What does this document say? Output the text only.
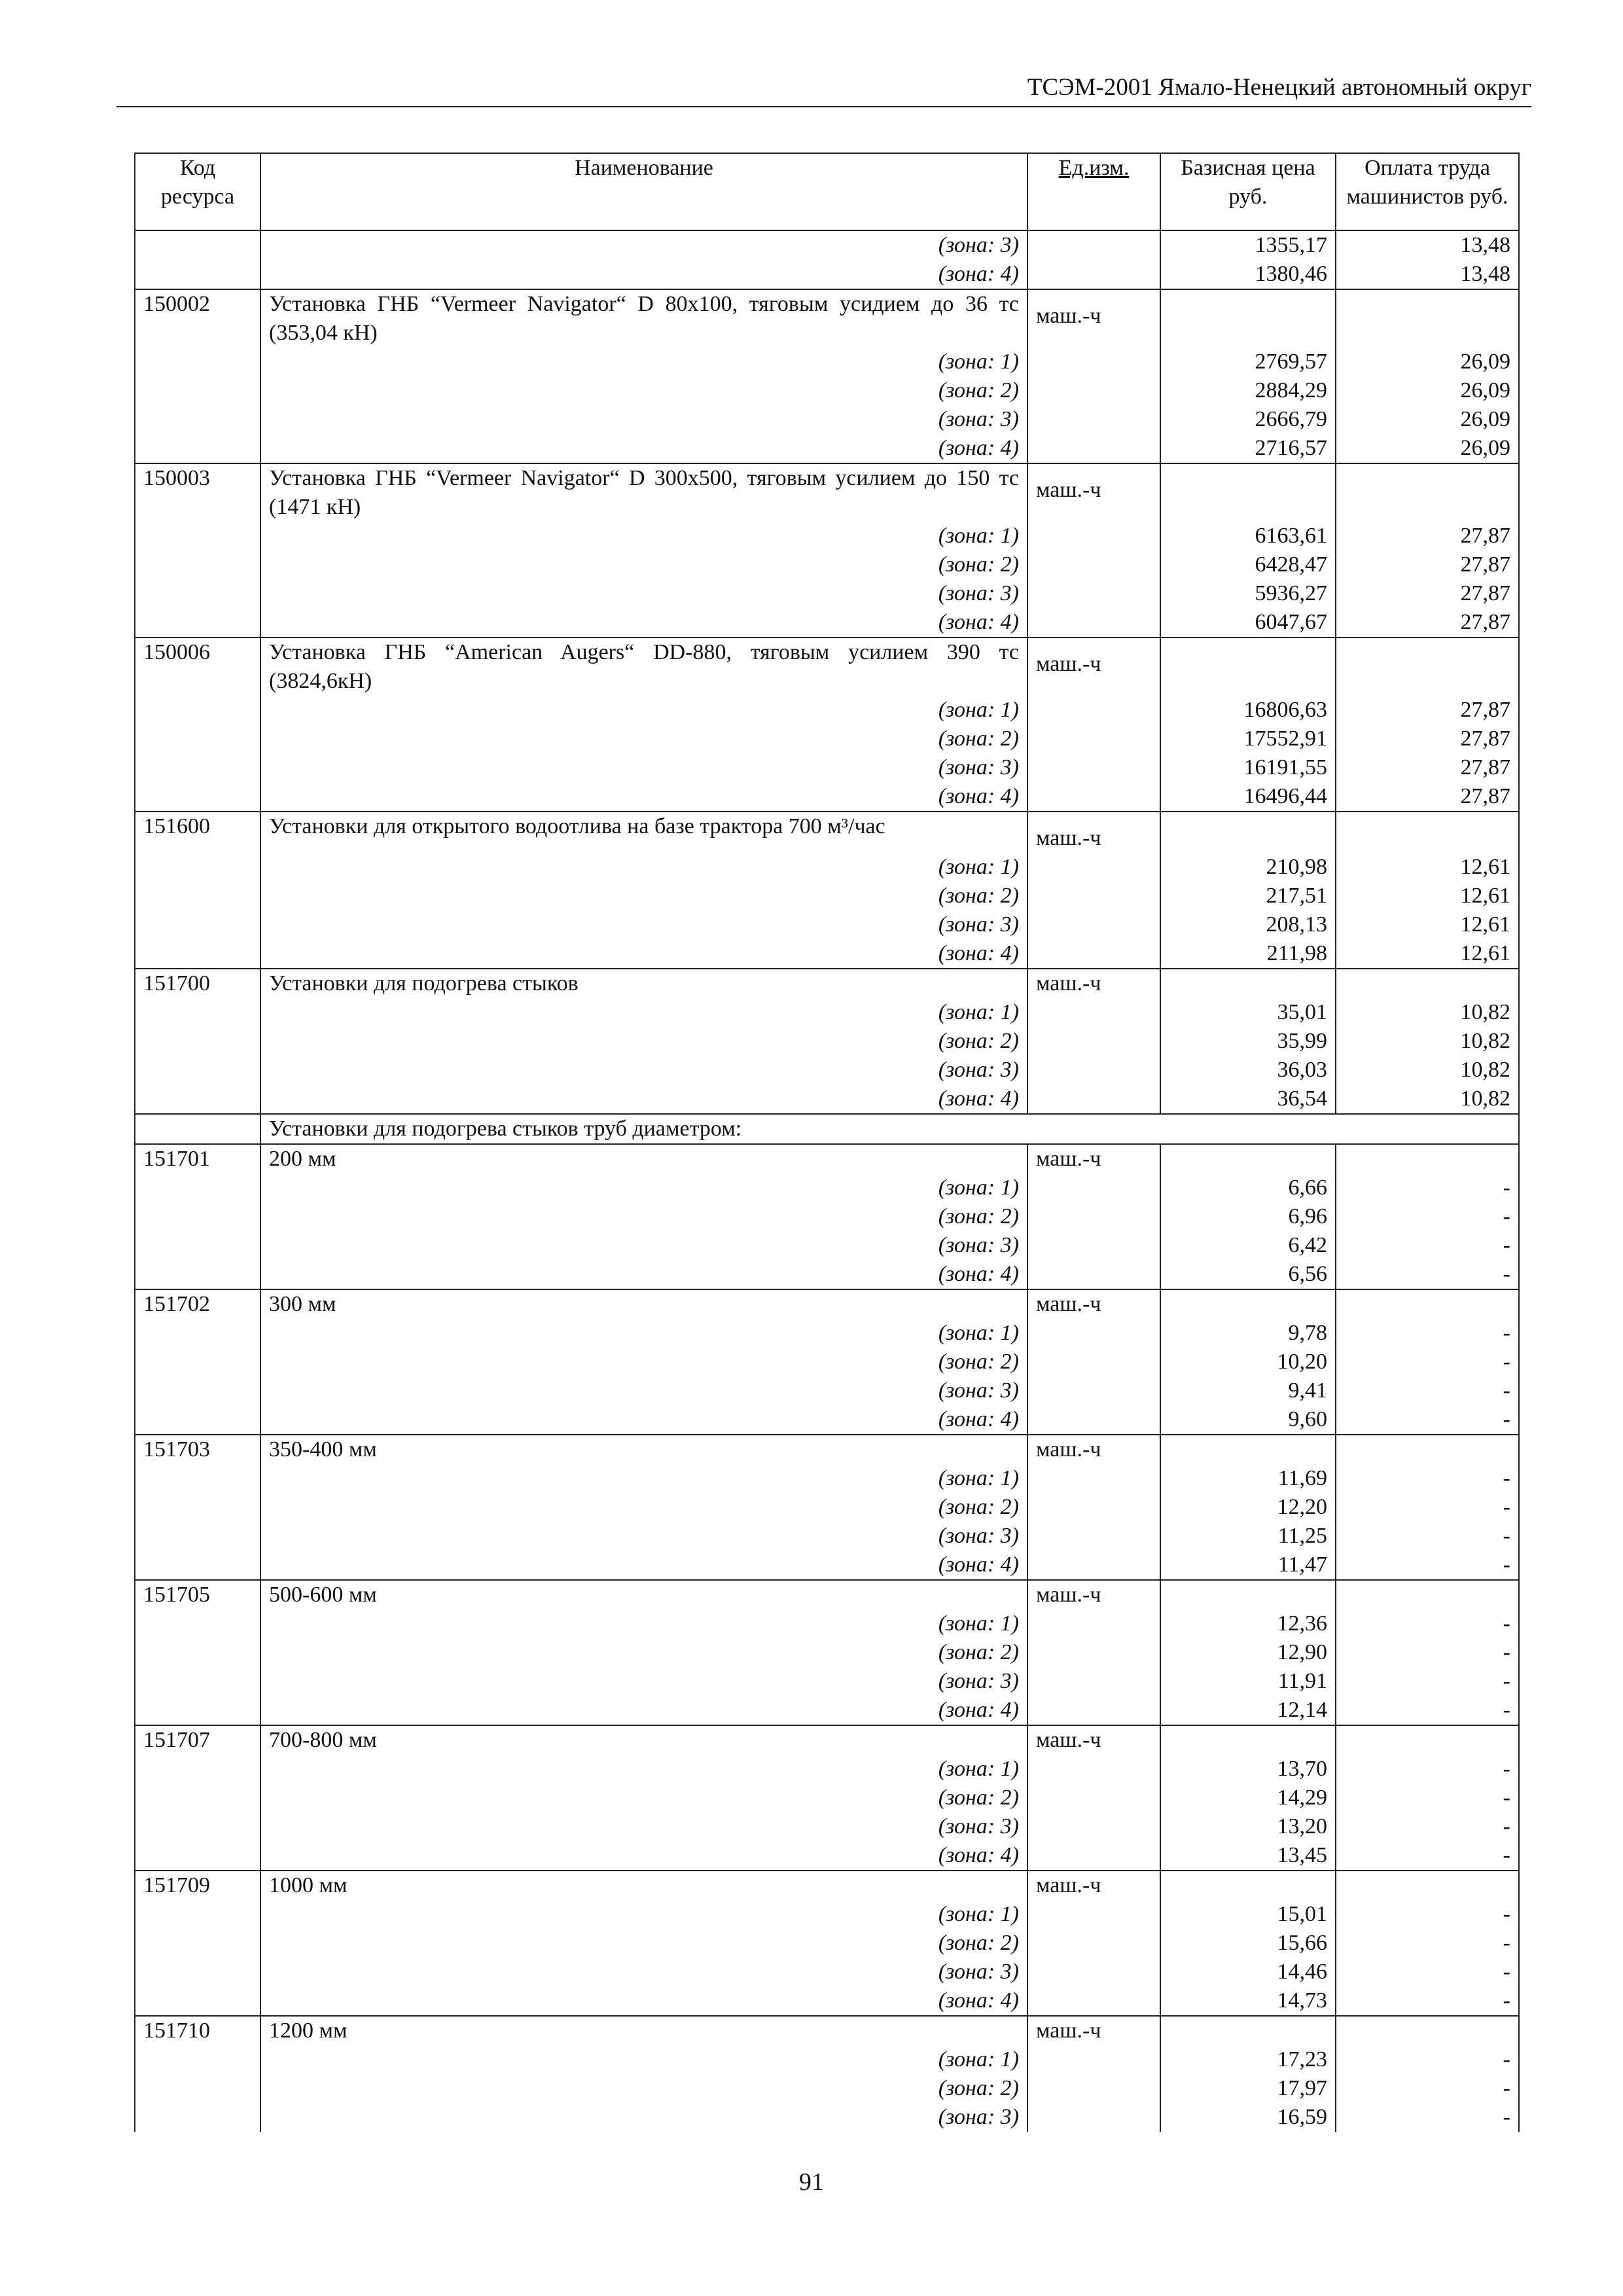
ТСЭМ-2001 Ямало-Ненецкий автономный округ
Код ресурса	Наименование	Ед.изм.	Базисная цена руб.	Оплата труда машинистов руб.
	(зона: 3)		1355,17	13,48
	(зона: 4)		1380,46	13,48
150002	Установка ГНБ “Vermeer Navigator“ D 80x100, тяговым усидием до 36 тс (353,04 кН)	маш.-ч		
	(зона: 1)		2769,57	26,09
	(зона: 2)		2884,29	26,09
	(зона: 3)		2666,79	26,09
	(зона: 4)		2716,57	26,09
150003	Установка ГНБ “Vermeer Navigator“ D 300x500, тяговым усилием до 150 тс (1471 кН)	маш.-ч		
	(зона: 1)		6163,61	27,87
	(зона: 2)		6428,47	27,87
	(зона: 3)		5936,27	27,87
	(зона: 4)		6047,67	27,87
150006	Установка ГНБ “American Augers“ DD-880, тяговым усилием 390 тс (3824,6кН)	маш.-ч		
	(зона: 1)		16806,63	27,87
	(зона: 2)		17552,91	27,87
	(зона: 3)		16191,55	27,87
	(зона: 4)		16496,44	27,87
151600	Установки для открытого водоотлива на базе трактора 700 м³/час	маш.-ч		
	(зона: 1)		210,98	12,61
	(зона: 2)		217,51	12,61
	(зона: 3)		208,13	12,61
	(зона: 4)		211,98	12,61
151700	Установки для подогрева стыков	маш.-ч		
	(зона: 1)		35,01	10,82
	(зона: 2)		35,99	10,82
	(зона: 3)		36,03	10,82
	(зона: 4)		36,54	10,82
	Установки для подогрева стыков труб диаметром:			
151701	200 мм	маш.-ч		
	(зона: 1)		6,66	-
	(зона: 2)		6,96	-
	(зона: 3)		6,42	-
	(зона: 4)		6,56	-
151702	300 мм	маш.-ч		
	(зона: 1)		9,78	-
	(зона: 2)		10,20	-
	(зона: 3)		9,41	-
	(зона: 4)		9,60	-
151703	350-400 мм	маш.-ч		
	(зона: 1)		11,69	-
	(зона: 2)		12,20	-
	(зона: 3)		11,25	-
	(зона: 4)		11,47	-
151705	500-600 мм	маш.-ч		
	(зона: 1)		12,36	-
	(зона: 2)		12,90	-
	(зона: 3)		11,91	-
	(зона: 4)		12,14	-
151707	700-800 мм	маш.-ч		
	(зона: 1)		13,70	-
	(зона: 2)		14,29	-
	(зона: 3)		13,20	-
	(зона: 4)		13,45	-
151709	1000 мм	маш.-ч		
	(зона: 1)		15,01	-
	(зона: 2)		15,66	-
	(зона: 3)		14,46	-
	(зона: 4)		14,73	-
151710	1200 мм	маш.-ч		
	(зона: 1)		17,23	-
	(зона: 2)		17,97	-
	(зона: 3)		16,59	-
91
